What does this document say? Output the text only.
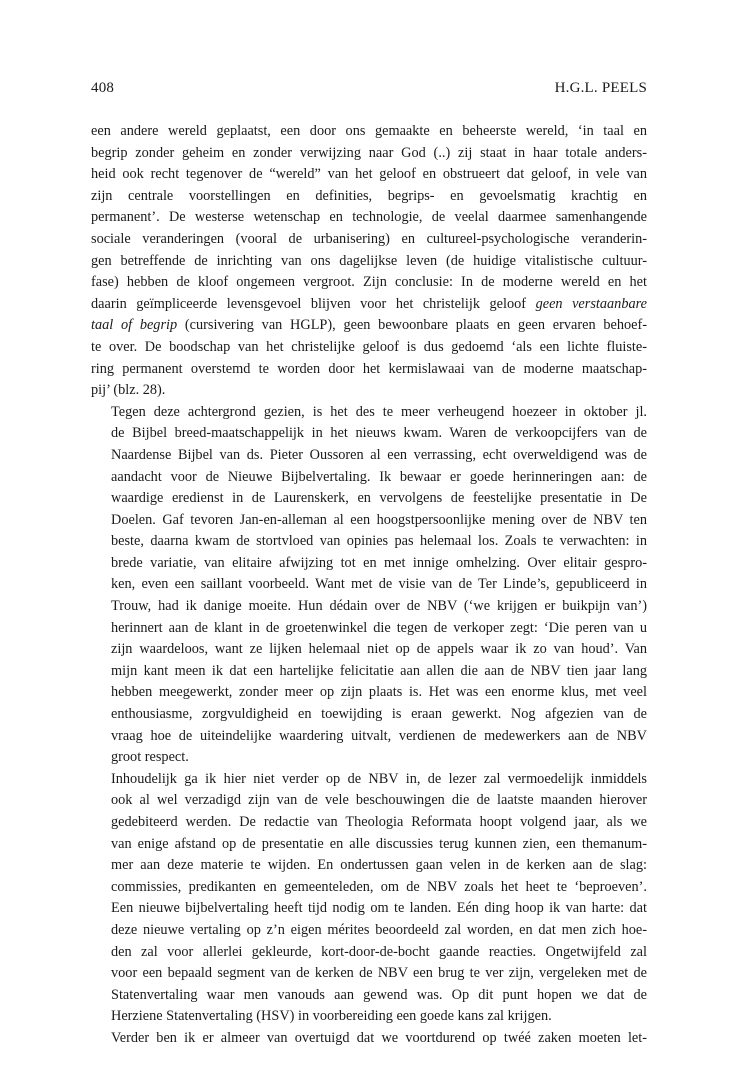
408	H.G.L. PEELS
een andere wereld geplaatst, een door ons gemaakte en beheerste wereld, ‘in taal en
begrip zonder geheim en zonder verwijzing naar God (..) zij staat in haar totale anders-
heid ook recht tegenover de “wereld” van het geloof en obstrueert dat geloof, in vele van
zijn centrale voorstellingen en definities, begrips- en gevoelsmatig krachtig en
permanent’. De westerse wetenschap en technologie, de veelal daarmee samenhangende
sociale veranderingen (vooral de urbanisering) en cultureel-psychologische veranderin-
gen betreffende de inrichting van ons dagelijkse leven (de huidige vitalistische cultuur-
fase) hebben de kloof ongemeen vergroot. Zijn conclusie: In de moderne wereld en het
daarin geïmpliceerde levensgevoel blijven voor het christelijk geloof geen verstaanbare
taal of begrip (cursivering van HGLP), geen bewoonbare plaats en geen ervaren behoef-
te over. De boodschap van het christelijke geloof is dus gedoemd ‘als een lichte fluiste-
ring permanent overstemd te worden door het kermislawaai van de moderne maatschap-
pij’ (blz. 28).
Tegen deze achtergrond gezien, is het des te meer verheugend hoezeer in oktober jl.
de Bijbel breed-maatschappelijk in het nieuws kwam. Waren de verkoopcijfers van de
Naardense Bijbel van ds. Pieter Oussoren al een verrassing, echt overweldigend was de
aandacht voor de Nieuwe Bijbelvertaling. Ik bewaar er goede herinneringen aan: de
waardige eredienst in de Laurenskerk, en vervolgens de feestelijke presentatie in De
Doelen. Gaf tevoren Jan-en-alleman al een hoogstpersoonlijke mening over de NBV ten
beste, daarna kwam de stortvloed van opinies pas helemaal los. Zoals te verwachten: in
brede variatie, van elitaire afwijzing tot en met innige omhelzing. Over elitair gespro-
ken, even een saillant voorbeeld. Want met de visie van de Ter Linde’s, gepubliceerd in
Trouw, had ik danige moeite. Hun dédain over de NBV (‘we krijgen er buikpijn van’)
herinnert aan de klant in de groetenwinkel die tegen de verkoper zegt: ‘Die peren van u
zijn waardeloos, want ze lijken helemaal niet op de appels waar ik zo van houd’. Van
mijn kant meen ik dat een hartelijke felicitatie aan allen die aan de NBV tien jaar lang
hebben meegewerkt, zonder meer op zijn plaats is. Het was een enorme klus, met veel
enthousiasme, zorgvuldigheid en toewijding is eraan gewerkt. Nog afgezien van de
vraag hoe de uiteindelijke waardering uitvalt, verdienen de medewerkers aan de NBV
groot respect.
Inhoudelijk ga ik hier niet verder op de NBV in, de lezer zal vermoedelijk inmiddels
ook al wel verzadigd zijn van de vele beschouwingen die de laatste maanden hierover
gedebiteerd werden. De redactie van Theologia Reformata hoopt volgend jaar, als we
van enige afstand op de presentatie en alle discussies terug kunnen zien, een themanum-
mer aan deze materie te wijden. En ondertussen gaan velen in de kerken aan de slag:
commissies, predikanten en gemeenteleden, om de NBV zoals het heet te ‘beproeven’.
Een nieuwe bijbelvertaling heeft tijd nodig om te landen. Eén ding hoop ik van harte: dat
deze nieuwe vertaling op z’n eigen mérites beoordeeld zal worden, en dat men zich hoe-
den zal voor allerlei gekleurde, kort-door-de-bocht gaande reacties. Ongetwijfeld zal
voor een bepaald segment van de kerken de NBV een brug te ver zijn, vergeleken met de
Statenvertaling waar men vanouds aan gewend was. Op dit punt hopen we dat de
Herziene Statenvertaling (HSV) in voorbereiding een goede kans zal krijgen.
Verder ben ik er almeer van overtuigd dat we voortdurend op twéé zaken moeten let-
